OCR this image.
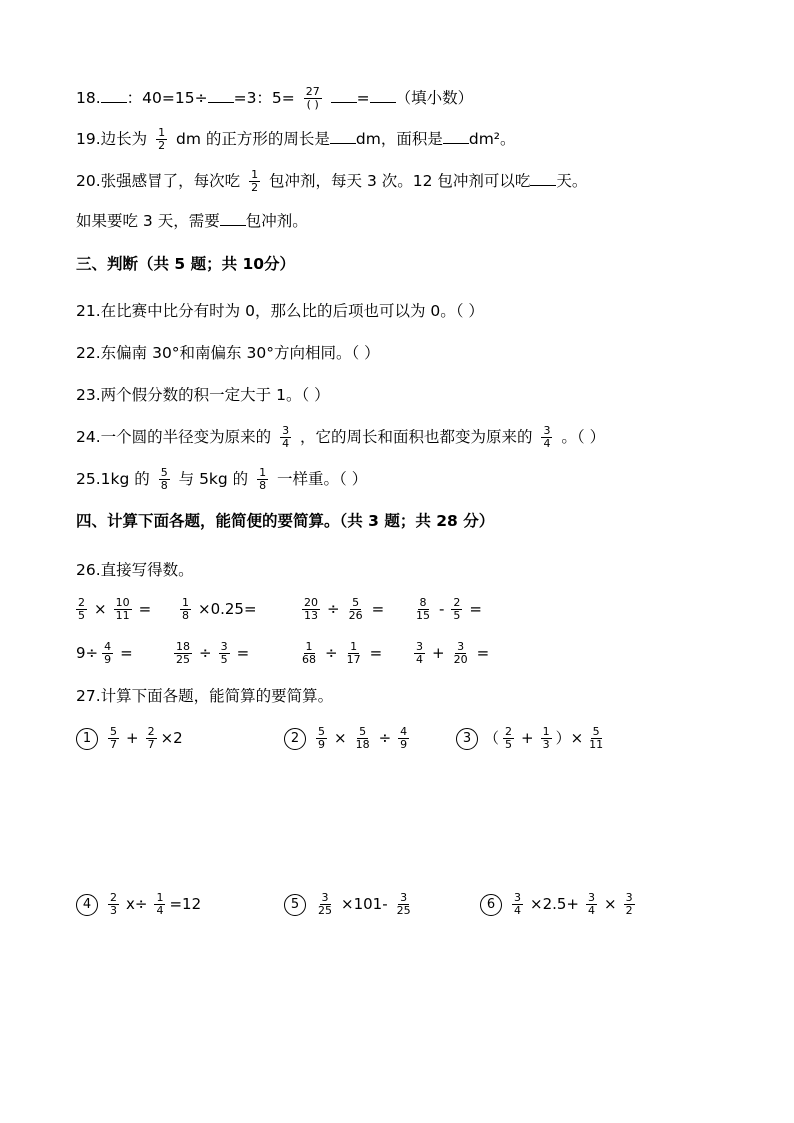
18. ：40=15÷ =3：$5= \frac{27}{( )}$ = （填小数）
19.边长为 $\frac{1}{2}$ dm 的正方形的周长是 dm，面积是 dm²。
20.张强感冒了，每次吃 $\frac{1}{2}$ 包冲剂，每天 3 次。12 包冲剂可以吃 天。
如果要吃 3 天，需要 包冲剂。
三、判断（共 5 题；共 10分）
21.在比赛中比分有时为 0，那么比的后项也可以为 0。（ ）
22.东偏南 30°和南偏东 30°方向相同。（ ）
23.两个假分数的积一定大于 1。（ ）
24.一个圆的半径变为原来的 $\frac{3}{4}$ ，它的周长和面积也都变为原来的 $\frac{3}{4}$ 。（ ）
25.1kg 的 $\frac{5}{8}$ 与 5kg 的 $\frac{1}{8}$ 一样重。（ ）
四、计算下面各题，能简便的要简算。（共 3 题；共 28 分）
26.直接写得数。
$\frac{2}{5} \times \frac{10}{11}$ =	$\frac{1}{8} \times 0.25=$	$\frac{20}{13} \div \frac{5}{26}$ =	$\frac{8}{15} - \frac{2}{5}$ =
$9\div \frac{4}{9}$ =	$\frac{18}{25} \div \frac{3}{5}$ =	$\frac{1}{68} \div \frac{1}{17}$ =	$\frac{3}{4} + \frac{3}{20}$ =
27.计算下面各题，能简算的要简算。
$1 \frac{5}{7} + \frac{2}{7} \times 2$	$2 \frac{5}{9} \times \frac{5}{18} \div \frac{4}{9}$	3 （ $\frac{2}{5} + \frac{1}{3}$ ）× $\frac{5}{11}$
$4 \frac{2}{3} x\div \frac{1}{4} =12$	$5 \frac{3}{25} \times 101- \frac{3}{25}$	$6 \frac{3}{4} \times 2.5+ \frac{3}{4} \times \frac{3}{2}$
